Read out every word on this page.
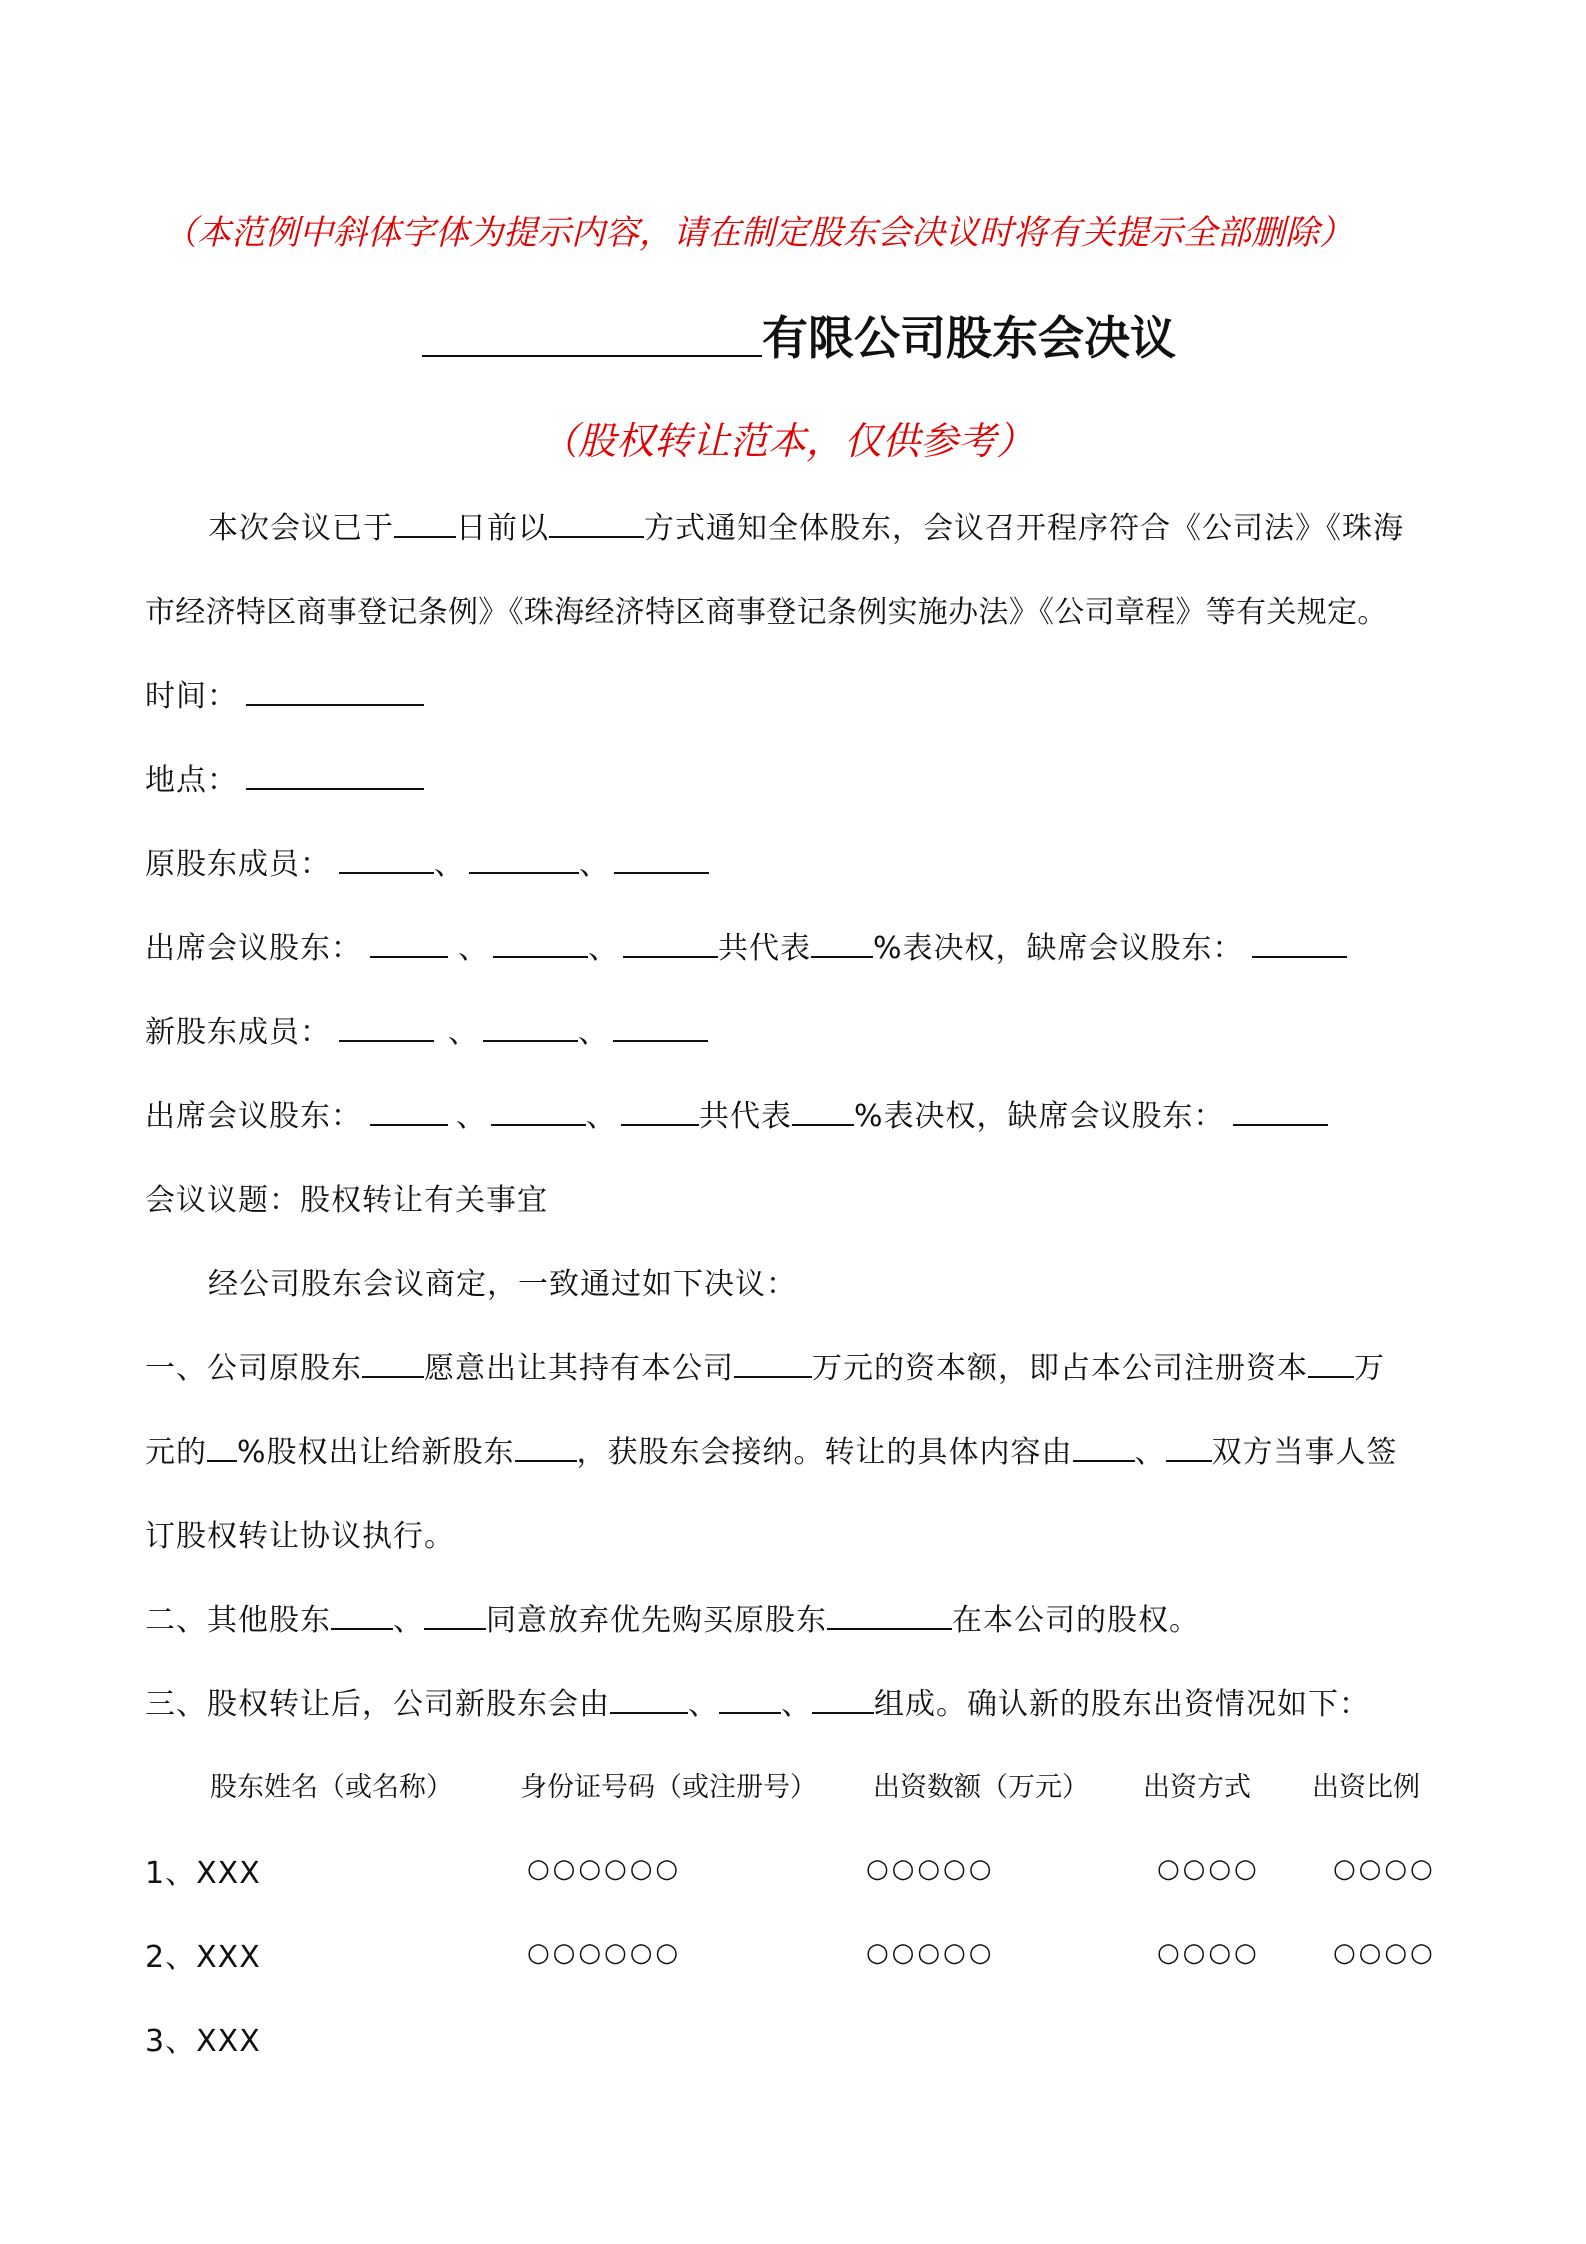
（本范例中斜体字体为提示内容，请在制定股东会决议时将有关提示全部删除）
有限公司股东会决议
（股权转让范本，仅供参考）
本次会议已于 日前以	方式通知全体股东，会议召开程序符合《公司法》《珠海
市经济特区商事登记条例》《珠海经济特区商事登记条例实施办法》《公司章程》等有关规定。
时间：
地点：
原股东成员：	、	、
出席会议股东：	、	、	共代表 %表决权，缺席会议股东：
新股东成员：	、	、
出席会议股东：	、	、	共代表 %表决权，缺席会议股东：
会议议题：股权转让有关事宜
经公司股东会议商定，一致通过如下决议：
一、公司原股东 愿意出让其持有本公司	万元的资本额，即占本公司注册资本 万
元的 %股权出让给新股东 ，获股东会接纳。转让的具体内容由 、 双方当事人签
订股权转让协议执行。
二、其他股东 、 同意放弃优先购买原股东	在本公司的股权。
三、股权转让后，公司新股东会由	、 、 组成。确认新的股东出资情况如下：
股东姓名（或名称） 身份证号码（或注册号） 出资数额（万元） 出资方式 出资比例
1、XXX	○○○○○○	○○○○○	○○○○	○○○○
2、XXX	○○○○○○	○○○○○	○○○○	○○○○
3、XXX
